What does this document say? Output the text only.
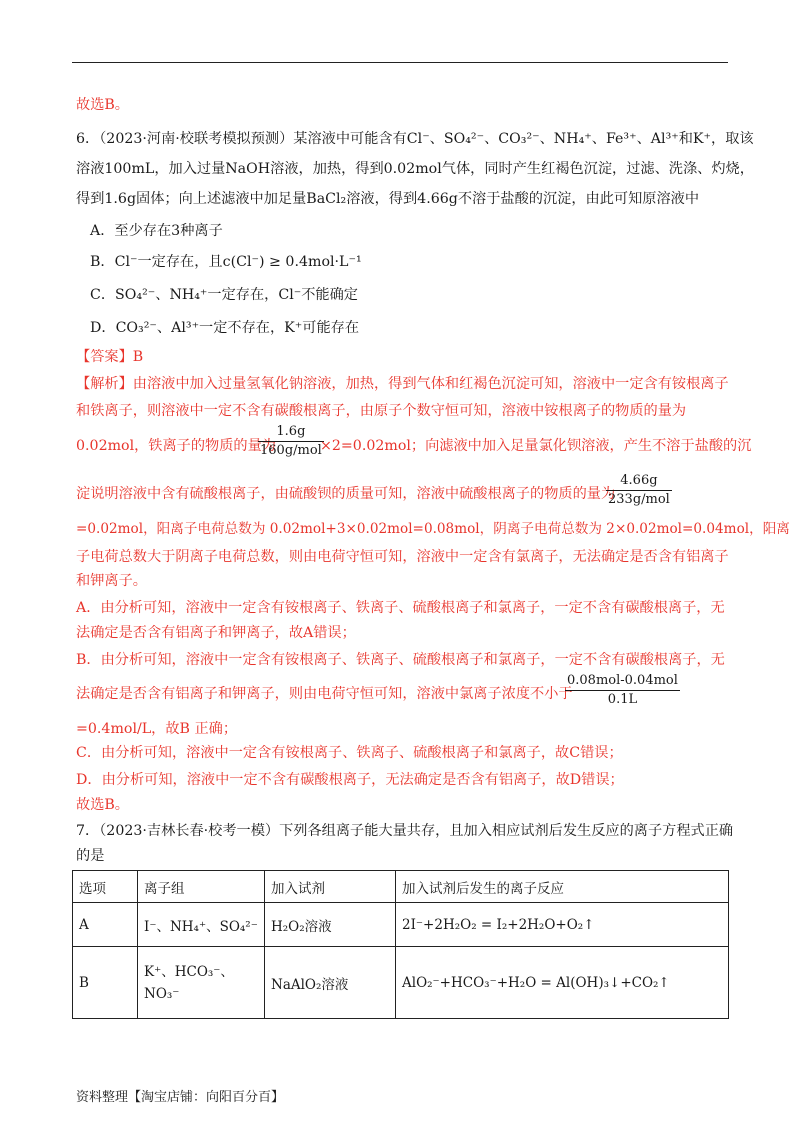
故选B。
6．（2023·河南·校联考模拟预测）某溶液中可能含有Cl⁻、SO₄²⁻、CO₃²⁻、NH₄⁺、Fe³⁺、Al³⁺和K⁺，取该
溶液100mL，加入过量NaOH溶液，加热，得到0.02mol气体，同时产生红褐色沉淀，过滤、洗涤、灼烧，
得到1.6g固体；向上述滤液中加足量BaCl₂溶液，得到4.66g不溶于盐酸的沉淀，由此可知原溶液中
A．至少存在3种离子
B．Cl⁻一定存在，且c(Cl⁻) ≥ 0.4mol·L⁻¹
C．SO₄²⁻、NH₄⁺一定存在，Cl⁻不能确定
D．CO₃²⁻、Al³⁺一定不存在，K⁺可能存在
【答案】B
【解析】由溶液中加入过量氢氧化钠溶液，加热，得到气体和红褐色沉淀可知，溶液中一定含有铵根离子
和铁离子，则溶液中一定不含有碳酸根离子，由原子个数守恒可知，溶液中铵根离子的物质的量为
0.02mol，铁离子的物质的量为
1.6g
160g/mol
×2=0.02mol；向滤液中加入足量氯化钡溶液，产生不溶于盐酸的沉
淀说明溶液中含有硫酸根离子，由硫酸钡的质量可知，溶液中硫酸根离子的物质的量为
4.66g
233g/mol
=0.02mol，阳离子电荷总数为 0.02mol+3×0.02mol=0.08mol，阴离子电荷总数为 2×0.02mol=0.04mol，阳离
子电荷总数大于阴离子电荷总数，则由电荷守恒可知，溶液中一定含有氯离子，无法确定是否含有铝离子
和钾离子。
A．由分析可知，溶液中一定含有铵根离子、铁离子、硫酸根离子和氯离子，一定不含有碳酸根离子，无
法确定是否含有铝离子和钾离子，故A错误；
B．由分析可知，溶液中一定含有铵根离子、铁离子、硫酸根离子和氯离子，一定不含有碳酸根离子，无
法确定是否含有铝离子和钾离子，则由电荷守恒可知，溶液中氯离子浓度不小于
0.08mol-0.04mol
0.1L
=0.4mol/L，故B 正确；
C．由分析可知，溶液中一定含有铵根离子、铁离子、硫酸根离子和氯离子，故C错误；
D．由分析可知，溶液中一定不含有碳酸根离子，无法确定是否含有铝离子，故D错误；
故选B。
7．（2023·吉林长春·校考一模）下列各组离子能大量共存，且加入相应试剂后发生反应的离子方程式正确
的是
选项	离子组	加入试剂	加入试剂后发生的离子反应
A	I⁻、NH₄⁺、SO₄²⁻	H₂O₂溶液	2I⁻+2H₂O₂ = I₂+2H₂O+O₂↑
B	K⁺、HCO₃⁻、NO₃⁻	NaAlO₂溶液	AlO₂⁻+HCO₃⁻+H₂O = Al(OH)₃↓+CO₂↑
资料整理【淘宝店铺：向阳百分百】
